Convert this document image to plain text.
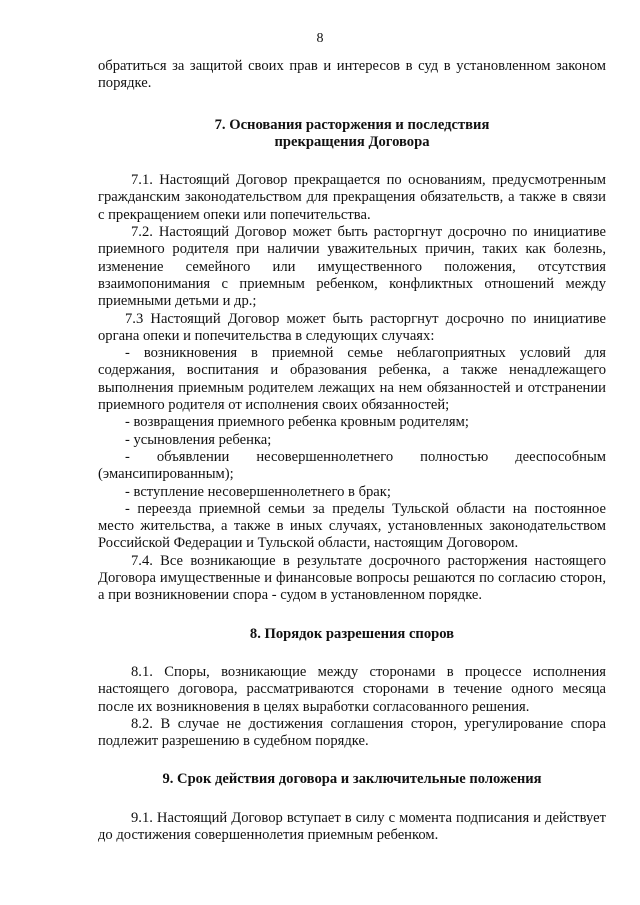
8

обратиться за защитой своих прав и интересов в суд в установленном законом порядке.

7. Основания расторжения и последствия
прекращения Договора

7.1. Настоящий Договор прекращается по основаниям, предусмотренным гражданским законодательством для прекращения обязательств, а также в связи с прекращением опеки или попечительства.

7.2. Настоящий Договор может быть расторгнут досрочно по инициативе приемного родителя при наличии уважительных причин, таких как болезнь, изменение семейного или имущественного положения, отсутствия взаимопонимания с приемным ребенком, конфликтных отношений между приемными детьми и др.;

7.3 Настоящий Договор может быть расторгнут досрочно по инициативе органа опеки и попечительства в следующих случаях:

- возникновения в приемной семье неблагоприятных условий для содержания, воспитания и образования ребенка, а также ненадлежащего выполнения приемным родителем лежащих на нем обязанностей и отстранении приемного родителя от исполнения своих обязанностей;

- возвращения приемного ребенка кровным родителям;

- усыновления ребенка;

- объявлении несовершеннолетнего полностью дееспособным (эмансипированным);

- вступление несовершеннолетнего в брак;

- переезда приемной семьи за пределы Тульской области на постоянное место жительства, а также в иных случаях, установленных законодательством Российской Федерации и Тульской области, настоящим Договором.

7.4. Все возникающие в результате досрочного расторжения настоящего Договора имущественные и финансовые вопросы решаются по согласию сторон, а при возникновении спора - судом в установленном порядке.

8. Порядок разрешения споров

8.1. Споры, возникающие между сторонами в процессе исполнения настоящего договора, рассматриваются сторонами в течение одного месяца после их возникновения в целях выработки согласованного решения.

8.2. В случае не достижения соглашения сторон, урегулирование спора подлежит разрешению в судебном порядке.

9. Срок действия договора и заключительные положения

9.1. Настоящий Договор вступает в силу с момента подписания и действует до достижения совершеннолетия приемным ребенком.
